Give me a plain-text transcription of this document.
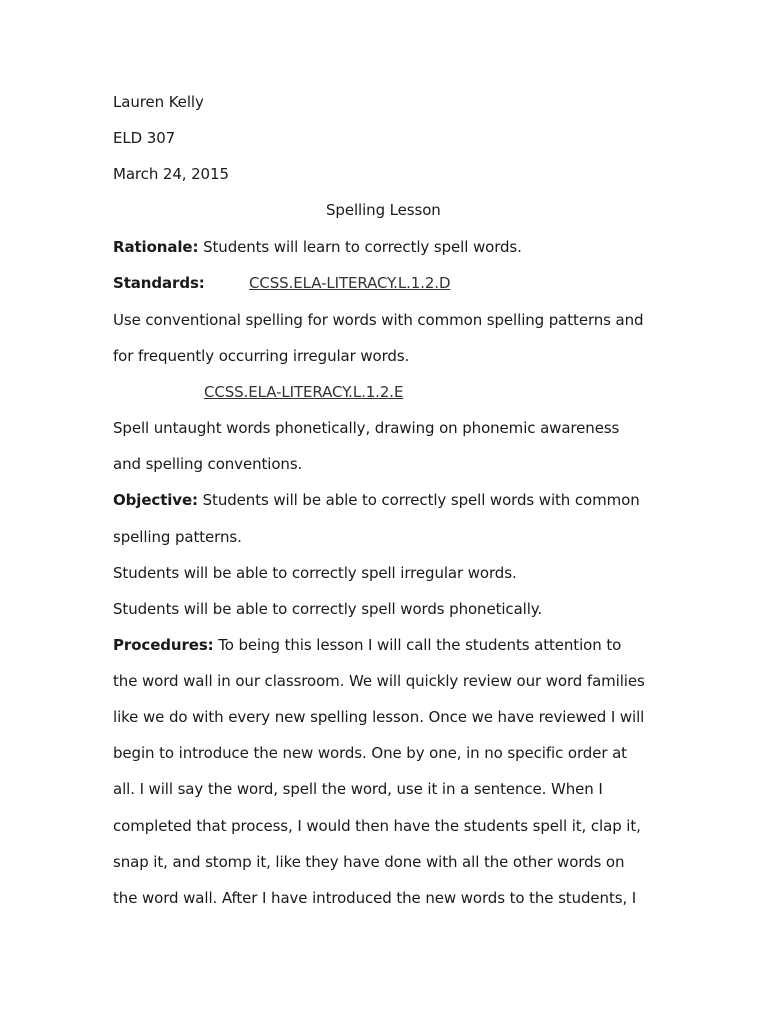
Lauren Kelly
ELD 307
March 24, 2015
Spelling Lesson
Rationale: Students will learn to correctly spell words.
Standards:	CCSS.ELA-LITERACY.L.1.2.D
Use conventional spelling for words with common spelling patterns and
for frequently occurring irregular words.
CCSS.ELA-LITERACY.L.1.2.E
Spell untaught words phonetically, drawing on phonemic awareness
and spelling conventions.
Objective: Students will be able to correctly spell words with common
spelling patterns.
Students will be able to correctly spell irregular words.
Students will be able to correctly spell words phonetically.
Procedures: To being this lesson I will call the students attention to
the word wall in our classroom. We will quickly review our word families
like we do with every new spelling lesson. Once we have reviewed I will
begin to introduce the new words. One by one, in no specific order at
all. I will say the word, spell the word, use it in a sentence. When I
completed that process, I would then have the students spell it, clap it,
snap it, and stomp it, like they have done with all the other words on
the word wall. After I have introduced the new words to the students, I
